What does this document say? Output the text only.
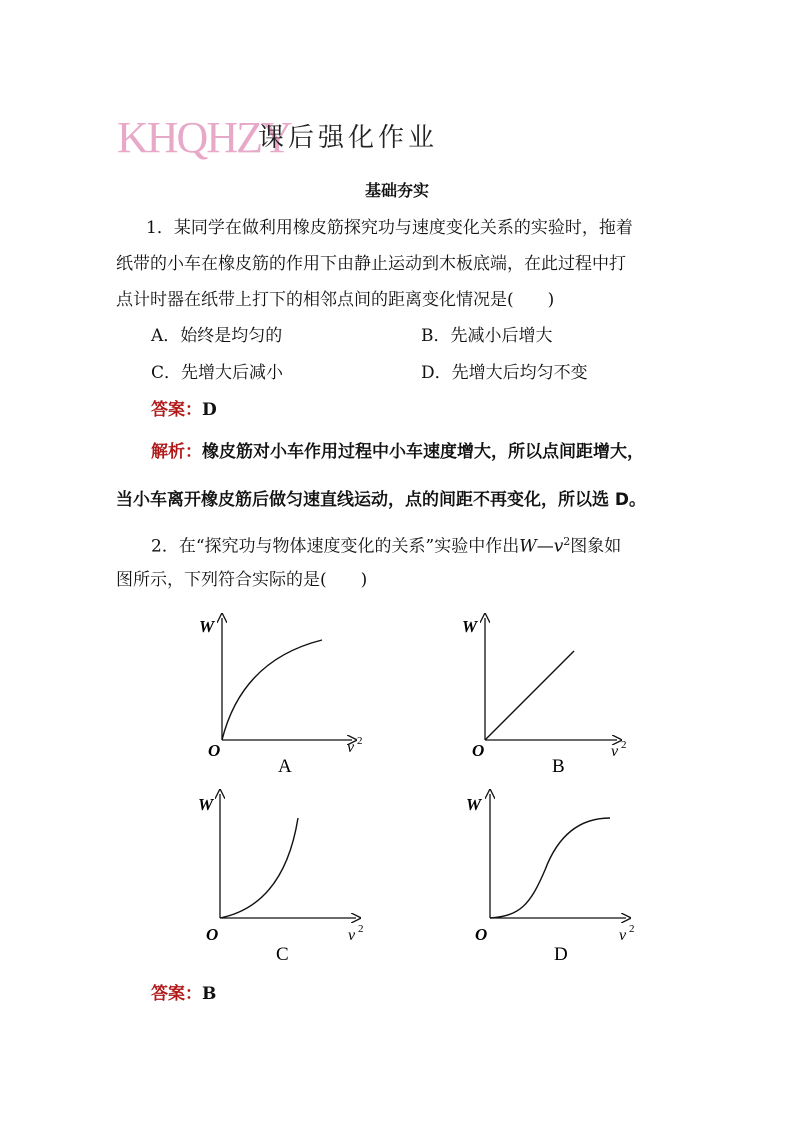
KHQHZY
课后强化作业
基础夯实
1．某同学在做利用橡皮筋探究功与速度变化关系的实验时，拖着
纸带的小车在橡皮筋的作用下由静止运动到木板底端，在此过程中打
点计时器在纸带上打下的相邻点间的距离变化情况是(　　)
A．始终是均匀的	B．先减小后增大
C．先增大后减小	D．先增大后均匀不变
答案：D
解析：橡皮筋对小车作用过程中小车速度增大，所以点间距增大，
当小车离开橡皮筋后做匀速直线运动，点的间距不再变化，所以选 D。
2．在“探究功与物体速度变化的关系”实验中作出$W—v^2$图象如
图所示，下列符合实际的是(　　)
W
O	v 2
A
W
O	v 2
B
W
O	v 2
C
W
O	v 2
D
答案：B
